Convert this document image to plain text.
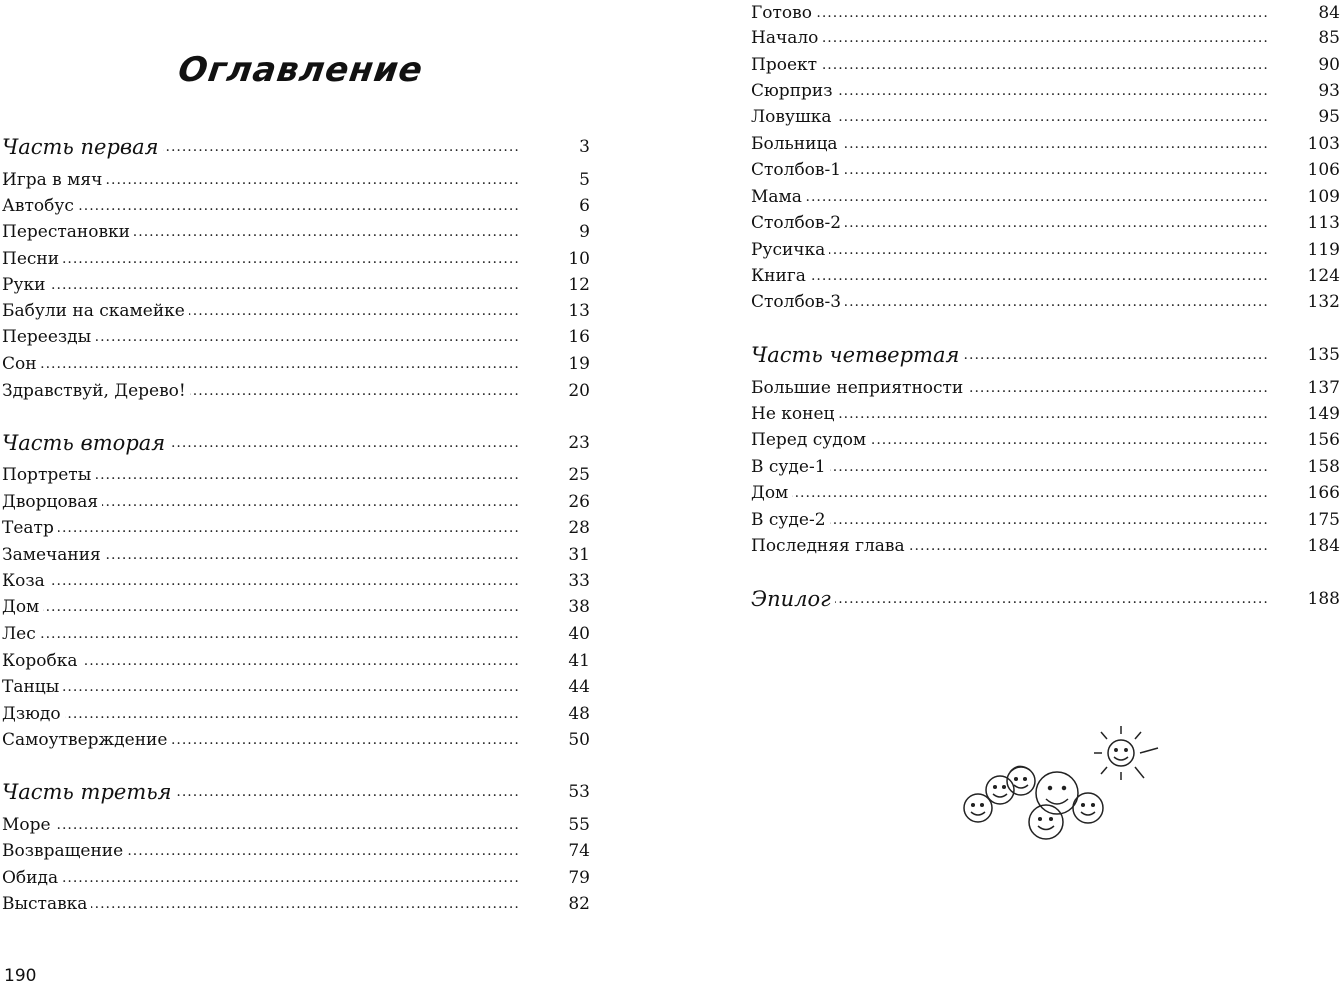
Оглавление
.....
Часть первая	3
.....
Игра в мяч	5
.....
Автобус	6
.....
Перестановки	9
.....
Песни	10
.....
Руки	12
.....
Бабули на скамейке	13
.....
Переезды	16
.....
Сон	19
.....
Здравствуй, Дерево!	20
.....
Часть вторая	23
.....
Портреты	25
.....
Дворцовая	26
.....
Театр	28
.....
Замечания	31
.....
Коза	33
.....
Дом	38
.....
Лес	40
.....
Коробка	41
.....
Танцы	44
.....
Дзюдо	48
.....
Самоутверждение	50
.....
Часть третья	53
.....
Море	55
.....
Возвращение	74
.....
Обида	79
.....
Выставка	82
.....
Готово	84
.....
Начало	85
.....
Проект	90
.....
Сюрприз	93
.....
Ловушка	95
.....
Больница	103
.....
Столбов-1	106
.....
Мама	109
.....
Столбов-2	113
.....
Русичка	119
.....
Книга	124
.....
Столбов-3	132
.....
Часть четвертая	135
.....
Большие неприятности	137
.....
Не конец	149
.....
Перед судом	156
.....
В суде-1	158
.....
Дом	166
.....
В суде-2	175
.....
Последняя глава	184
.....
Эпилог	188
190
